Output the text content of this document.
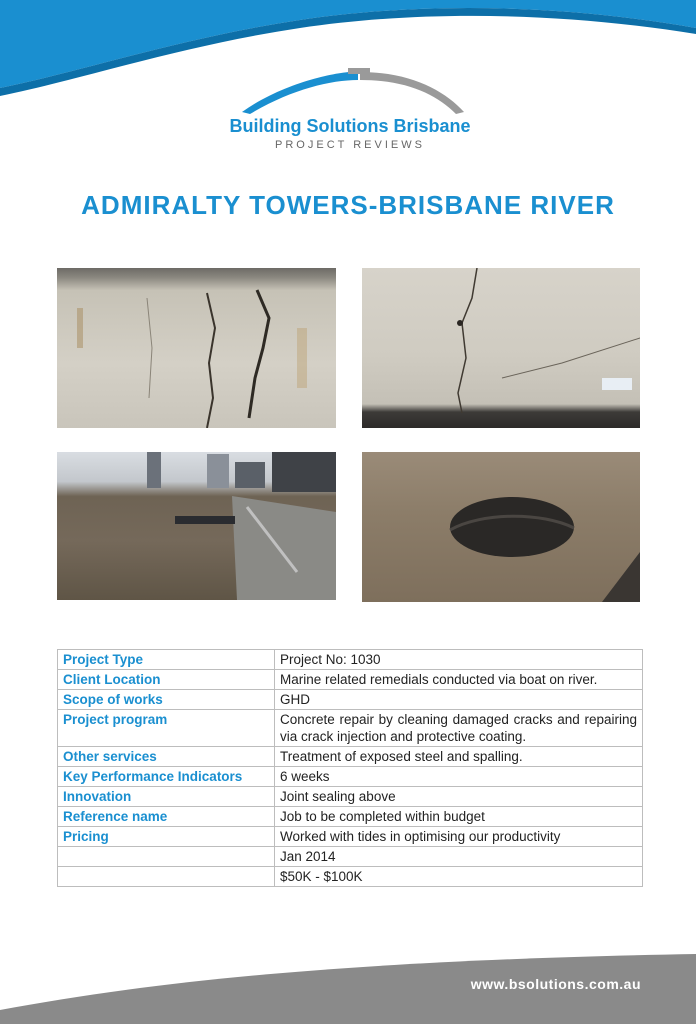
Building Solutions Brisbane
PROJECT REVIEWS
ADMIRALTY TOWERS-BRISBANE RIVER
Project Type	Project No: 1030
Client Location	Marine related remedials conducted via boat on river.
Scope of works	GHD
Project program	Concrete repair by cleaning damaged cracks and repairing via crack injection and protective coating.
Other services	Treatment of exposed steel and spalling.
Key Performance Indicators	6 weeks
Innovation	Joint sealing above
Reference name	Job to be completed within budget
Pricing	Worked with tides in optimising our productivity
	Jan 2014
	$50K - $100K
www.bsolutions.com.au
